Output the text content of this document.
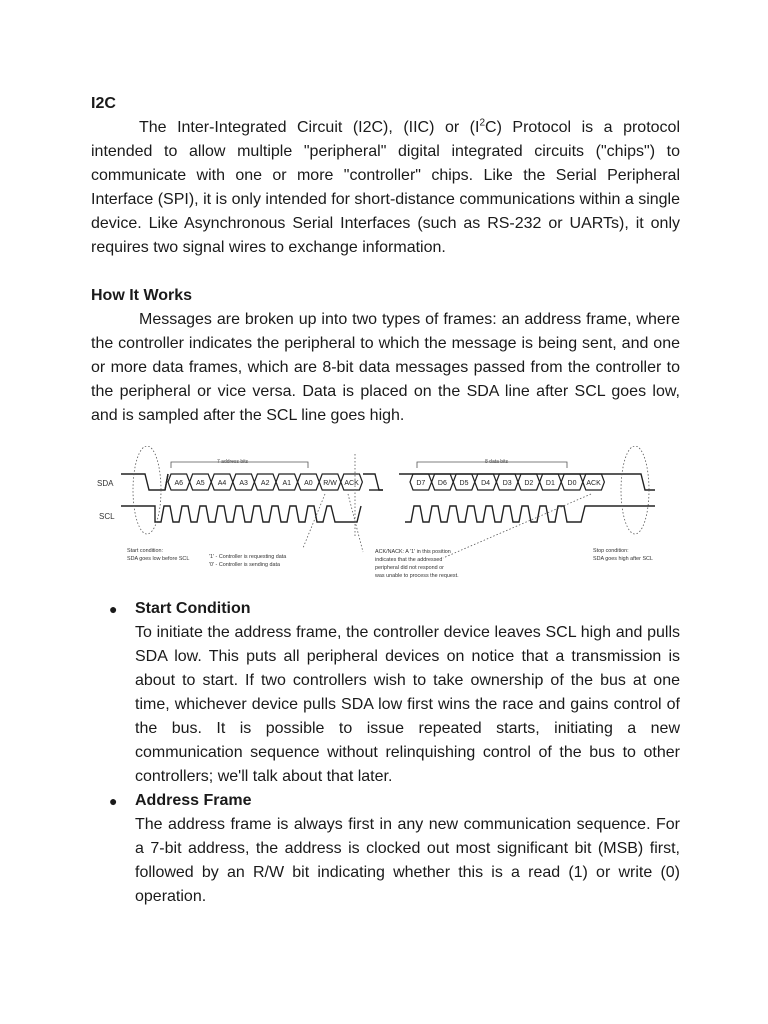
I2C

The Inter-Integrated Circuit (I2C), (IIC) or $(I^2C)$ Protocol is a protocol intended to allow multiple "peripheral" digital integrated circuits ("chips") to communicate with one or more "controller" chips. Like the Serial Peripheral Interface (SPI), it is only intended for short-distance communications within a single device. Like Asynchronous Serial Interfaces (such as RS-232 or UARTs), it only requires two signal wires to exchange information.

How It Works

Messages are broken up into two types of frames: an address frame, where the controller indicates the peripheral to which the message is being sent, and one or more data frames, which are 8-bit data messages passed from the controller to the peripheral or vice versa. Data is placed on the SDA line after SCL goes low, and is sampled after the SCL line goes high.

7 address bits	8 data bits
SDA
SCL
A6 A5 A4 A3 A2 A1 A0 R/W ACK	D7 D6 D5 D4 D3 D2 D1 D0 ACK
Start condition:
SDA goes low before SCL	'1' - Controller is requesting data
'0' - Controller is sending data
ACK/NACK: A '1' in this position
indicates that the addressed
peripheral did not respond or
was unable to process the request.
Stop condition:
SDA goes high after SCL
● Start Condition

To initiate the address frame, the controller device leaves SCL high and pulls SDA low. This puts all peripheral devices on notice that a transmission is about to start. If two controllers wish to take ownership of the bus at one time, whichever device pulls SDA low first wins the race and gains control of the bus. It is possible to issue repeated starts, initiating a new communication sequence without relinquishing control of the bus to other controllers; we'll talk about that later.

● Address Frame

The address frame is always first in any new communication sequence. For a 7-bit address, the address is clocked out most significant bit (MSB) first, followed by an R/W bit indicating whether this is a read (1) or write (0) operation.
